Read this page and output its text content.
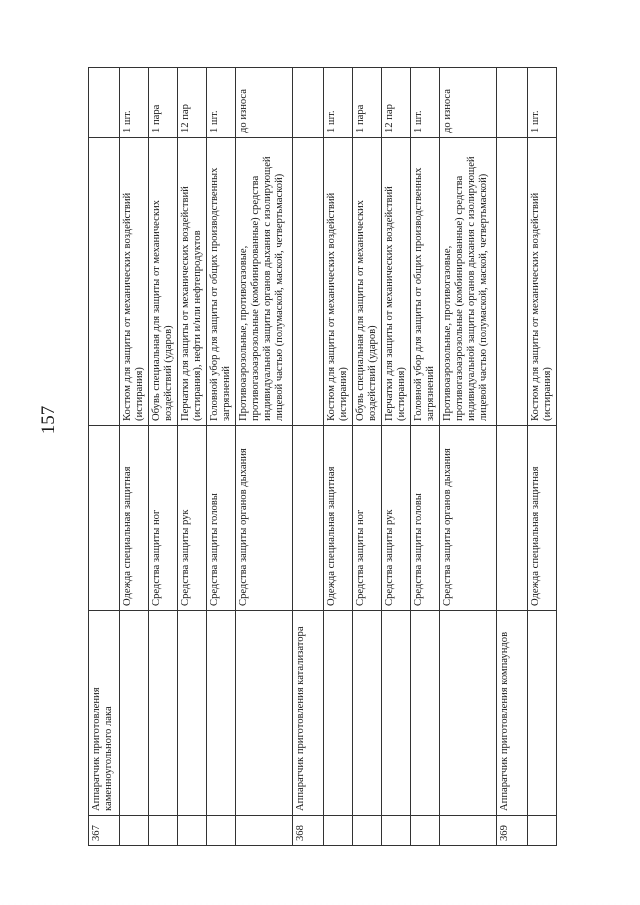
157
367	Аппаратчик приготовления каменноугольного лака			
		Одежда специальная защитная	Костюм для защиты от механических воздействий (истирания)	1 шт.
		Средства защиты ног	Обувь специальная для защиты от механических воздействий (ударов)	1 пара
		Средства защиты рук	Перчатки для защиты от механических воздействий (истирания), нефти и/или нефтепродуктов	12 пар
		Средства защиты головы	Головной убор для защиты от общих производственных загрязнений	1 шт.
		Средства защиты органов дыхания	Противоаэрозольные, противогазовые, противогазоаэрозольные (комбинированные) средства индивидуальной защиты органов дыхания с изолирующей лицевой частью (полумаской, маской, четвертьмаской)	до износа
368	Аппаратчик приготовления катализатора			
		Одежда специальная защитная	Костюм для защиты от механических воздействий (истирания)	1 шт.
		Средства защиты ног	Обувь специальная для защиты от механических воздействий (ударов)	1 пара
		Средства защиты рук	Перчатки для защиты от механических воздействий (истирания)	12 пар
		Средства защиты головы	Головной убор для защиты от общих производственных загрязнений	1 шт.
		Средства защиты органов дыхания	Противоаэрозольные, противогазовые, противогазоаэрозольные (комбинированные) средства индивидуальной защиты органов дыхания с изолирующей лицевой частью (полумаской, маской, четвертьмаской)	до износа
369	Аппаратчик приготовления компаундов			
		Одежда специальная защитная	Костюм для защиты от механических воздействий (истирания)	1 шт.
